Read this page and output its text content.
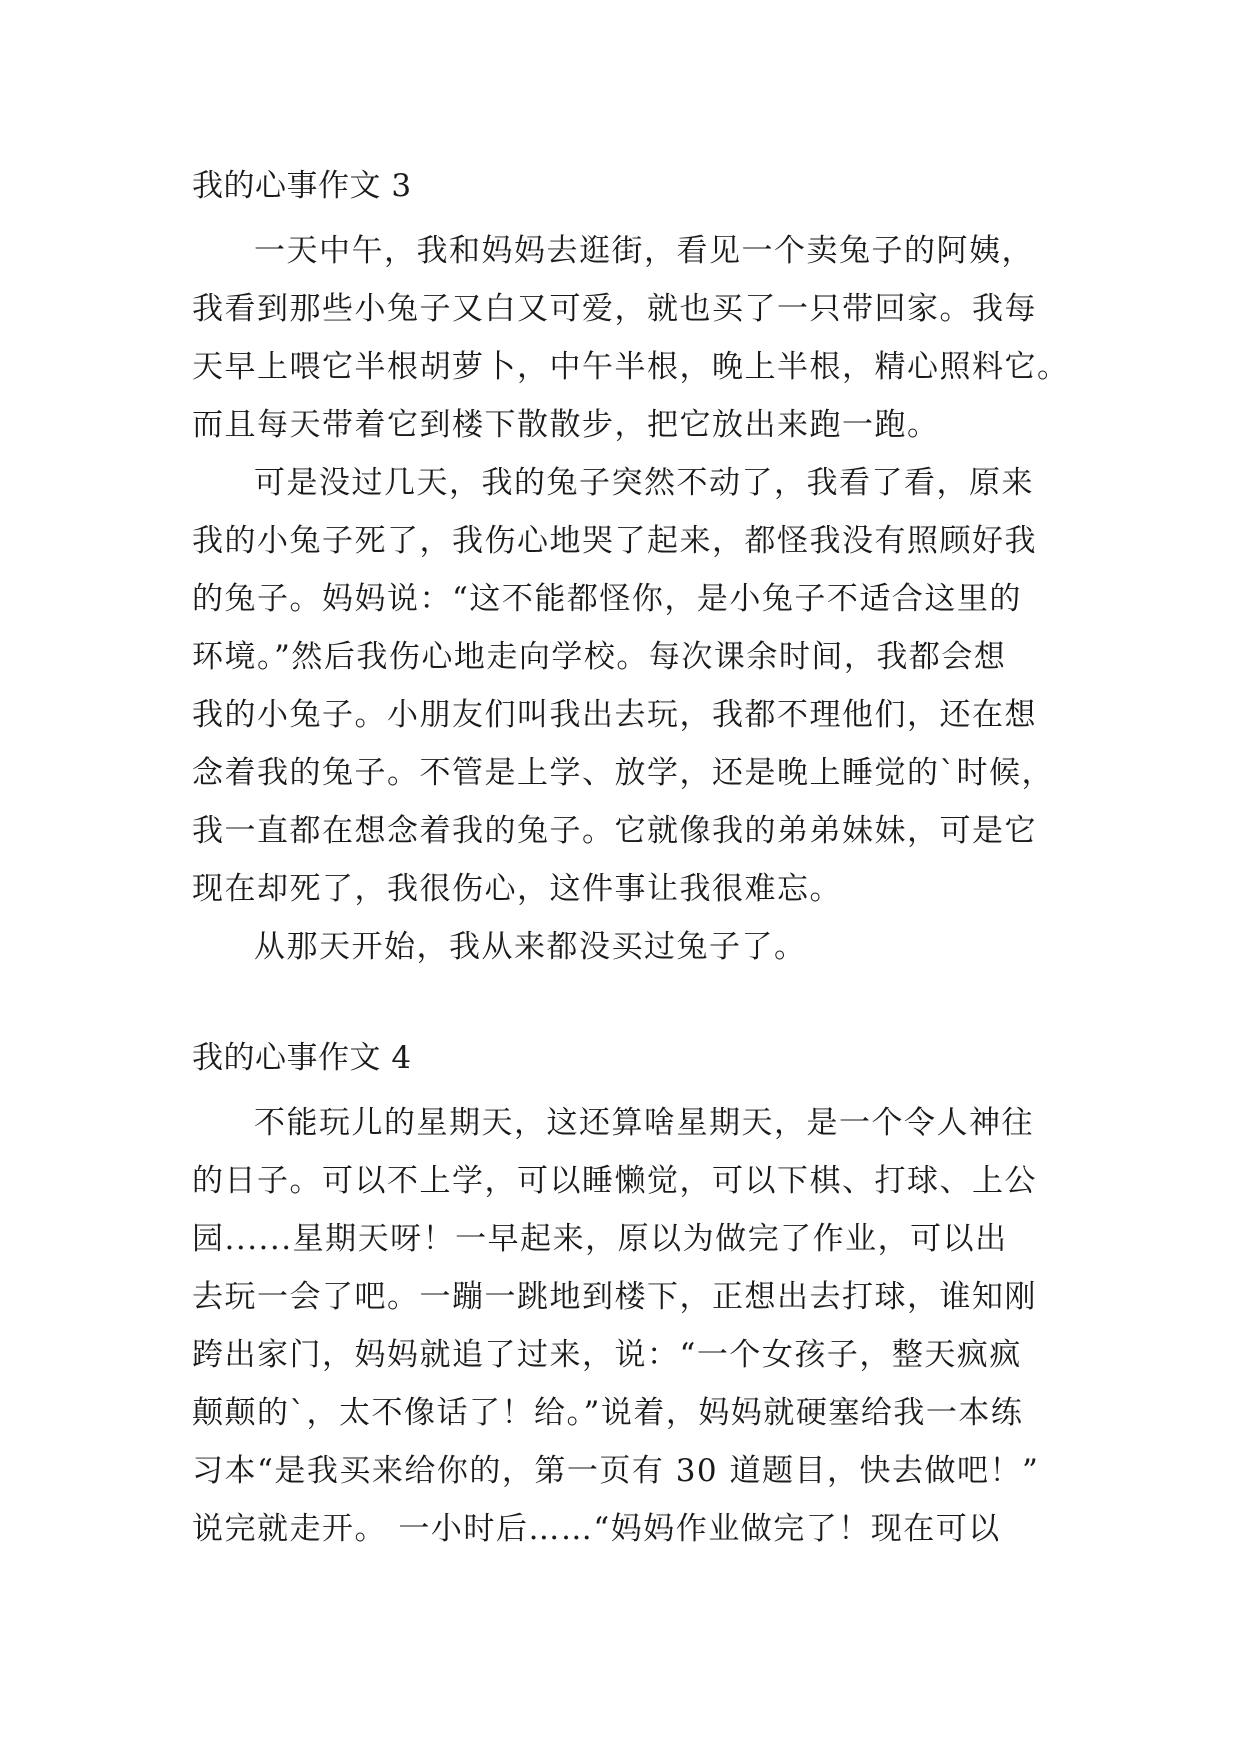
我的心事作文 3
一天中午，我和妈妈去逛街，看见一个卖兔子的阿姨，
我看到那些小兔子又白又可爱，就也买了一只带回家。我每
天早上喂它半根胡萝卜，中午半根，晚上半根，精心照料它。
而且每天带着它到楼下散散步，把它放出来跑一跑。
可是没过几天，我的兔子突然不动了，我看了看，原来
我的小兔子死了，我伤心地哭了起来，都怪我没有照顾好我
的兔子。妈妈说：“这不能都怪你，是小兔子不适合这里的
环境。”然后我伤心地走向学校。每次课余时间，我都会想
我的小兔子。小朋友们叫我出去玩，我都不理他们，还在想
念着我的兔子。不管是上学、放学，还是晚上睡觉的`时候，
我一直都在想念着我的兔子。它就像我的弟弟妹妹，可是它
现在却死了，我很伤心，这件事让我很难忘。
从那天开始，我从来都没买过兔子了。
我的心事作文 4
不能玩儿的星期天，这还算啥星期天，是一个令人神往
的日子。可以不上学，可以睡懒觉，可以下棋、打球、上公
园......星期天呀！一早起来，原以为做完了作业，可以出
去玩一会了吧。一蹦一跳地到楼下，正想出去打球，谁知刚
跨出家门，妈妈就追了过来，说：“一个女孩子，整天疯疯
颠颠的`，太不像话了！给。”说着，妈妈就硬塞给我一本练
习本“是我买来给你的，第一页有 30 道题目，快去做吧！”
说完就走开。 一小时后……“妈妈作业做完了！现在可以
